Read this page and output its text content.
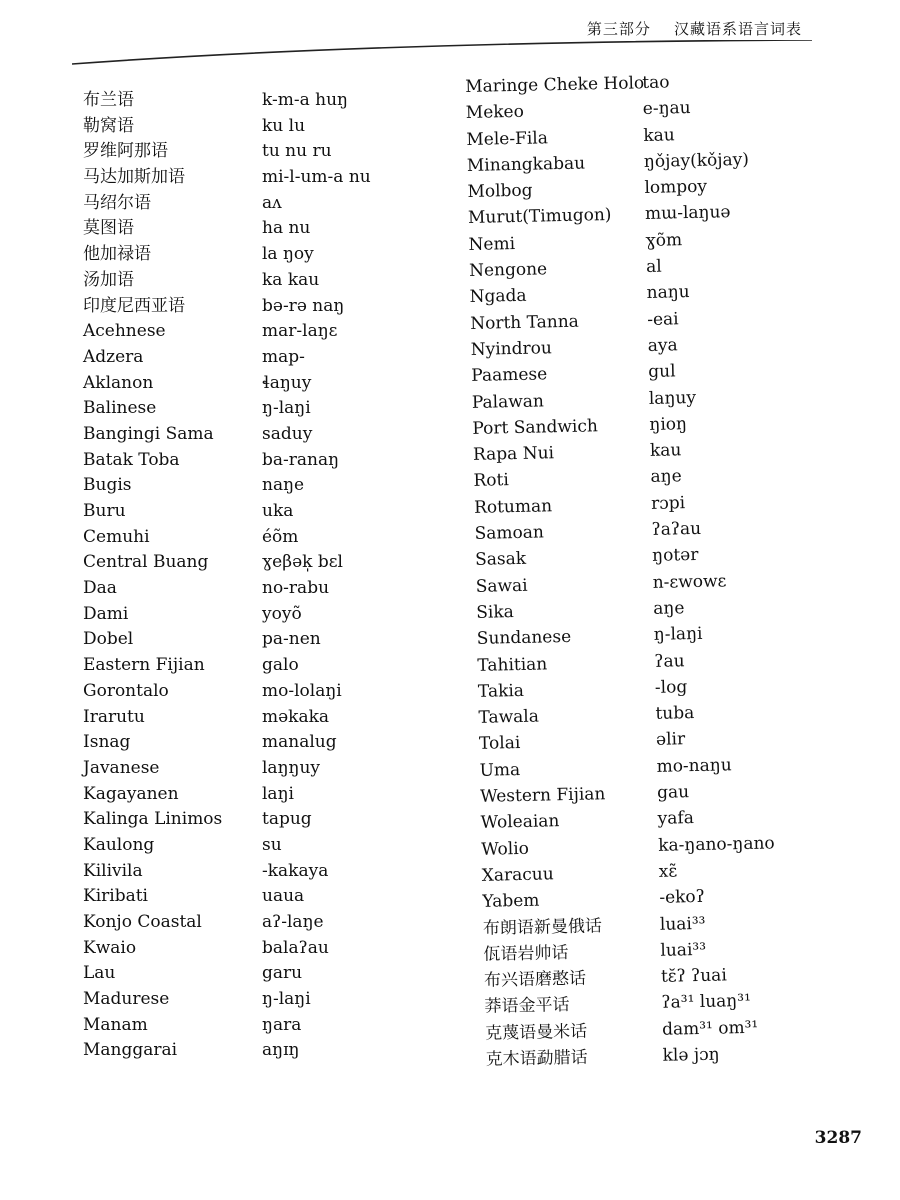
第三部分 汉藏语系语言词表
布兰语
勒窝语
罗维阿那语
马达加斯加语
马绍尔语
莫图语
他加禄语
汤加语
印度尼西亚语
Acehnese
Adzera
Aklanon
Balinese
Bangingi Sama
Batak Toba
Bugis
Buru
Cemuhi
Central Buang
Daa
Dami
Dobel
Eastern Fijian
Gorontalo
Irarutu
Isnag
Javanese
Kagayanen
Kalinga Linimos
Kaulong
Kilivila
Kiribati
Konjo Coastal
Kwaio
Lau
Madurese
Manam
Manggarai
k-m-a huŋ
ku lu
tu nu ru
mi-l-um-a nu
aʌ
ha nu
la ŋoy
ka kau
bə-rə naŋ
mar-laŋɛ
map-
ɬaŋuy
ŋ-laŋi
saduy
ba-ranaŋ
naŋe
uka
éõm
ɣeβək̩ bɛl
no-rabu
yoyõ
pa-nen
galo
mo-lolaŋi
məkaka
manalug
laŋŋuy
laŋi
tapug
su
-kakaya
uaua
aʔ-laŋe
balaʔau
garu
ŋ-laŋi
ŋara
aŋɪŋ
Maringe Cheke Holo
Mekeo
Mele-Fila
Minangkabau
Molbog
Murut(Timugon)
Nemi
Nengone
Ngada
North Tanna
Nyindrou
Paamese
Palawan
Port Sandwich
Rapa Nui
Roti
Rotuman
Samoan
Sasak
Sawai
Sika
Sundanese
Tahitian
Takia
Tawala
Tolai
Uma
Western Fijian
Woleaian
Wolio
Xaracuu
Yabem
布朗语新曼俄话
佤语岩帅话
布兴语磨憨话
莽语金平话
克蔑语曼米话
克木语勐腊话
tao
e-ŋau
kau
ŋǒjay(kǒjay)
lompoy
mɯ-laŋuə
ɣõm
al
naŋu
-eai
aya
gul
laŋuy
ŋioŋ
kau
aŋe
rɔpi
ʔaʔau
ŋotər
n-ɛwowɛ
aŋe
ŋ-laŋi
ʔau
-log
tuba
əlir
mo-naŋu
gau
yafa
ka-ŋano-ŋano
xɛ̃
-ekoʔ
luai³³
luai³³
tɛ̆ʔ ʔuai
ʔa³¹ luaŋ³¹
dam³¹ om³¹
klə jɔŋ
3287
